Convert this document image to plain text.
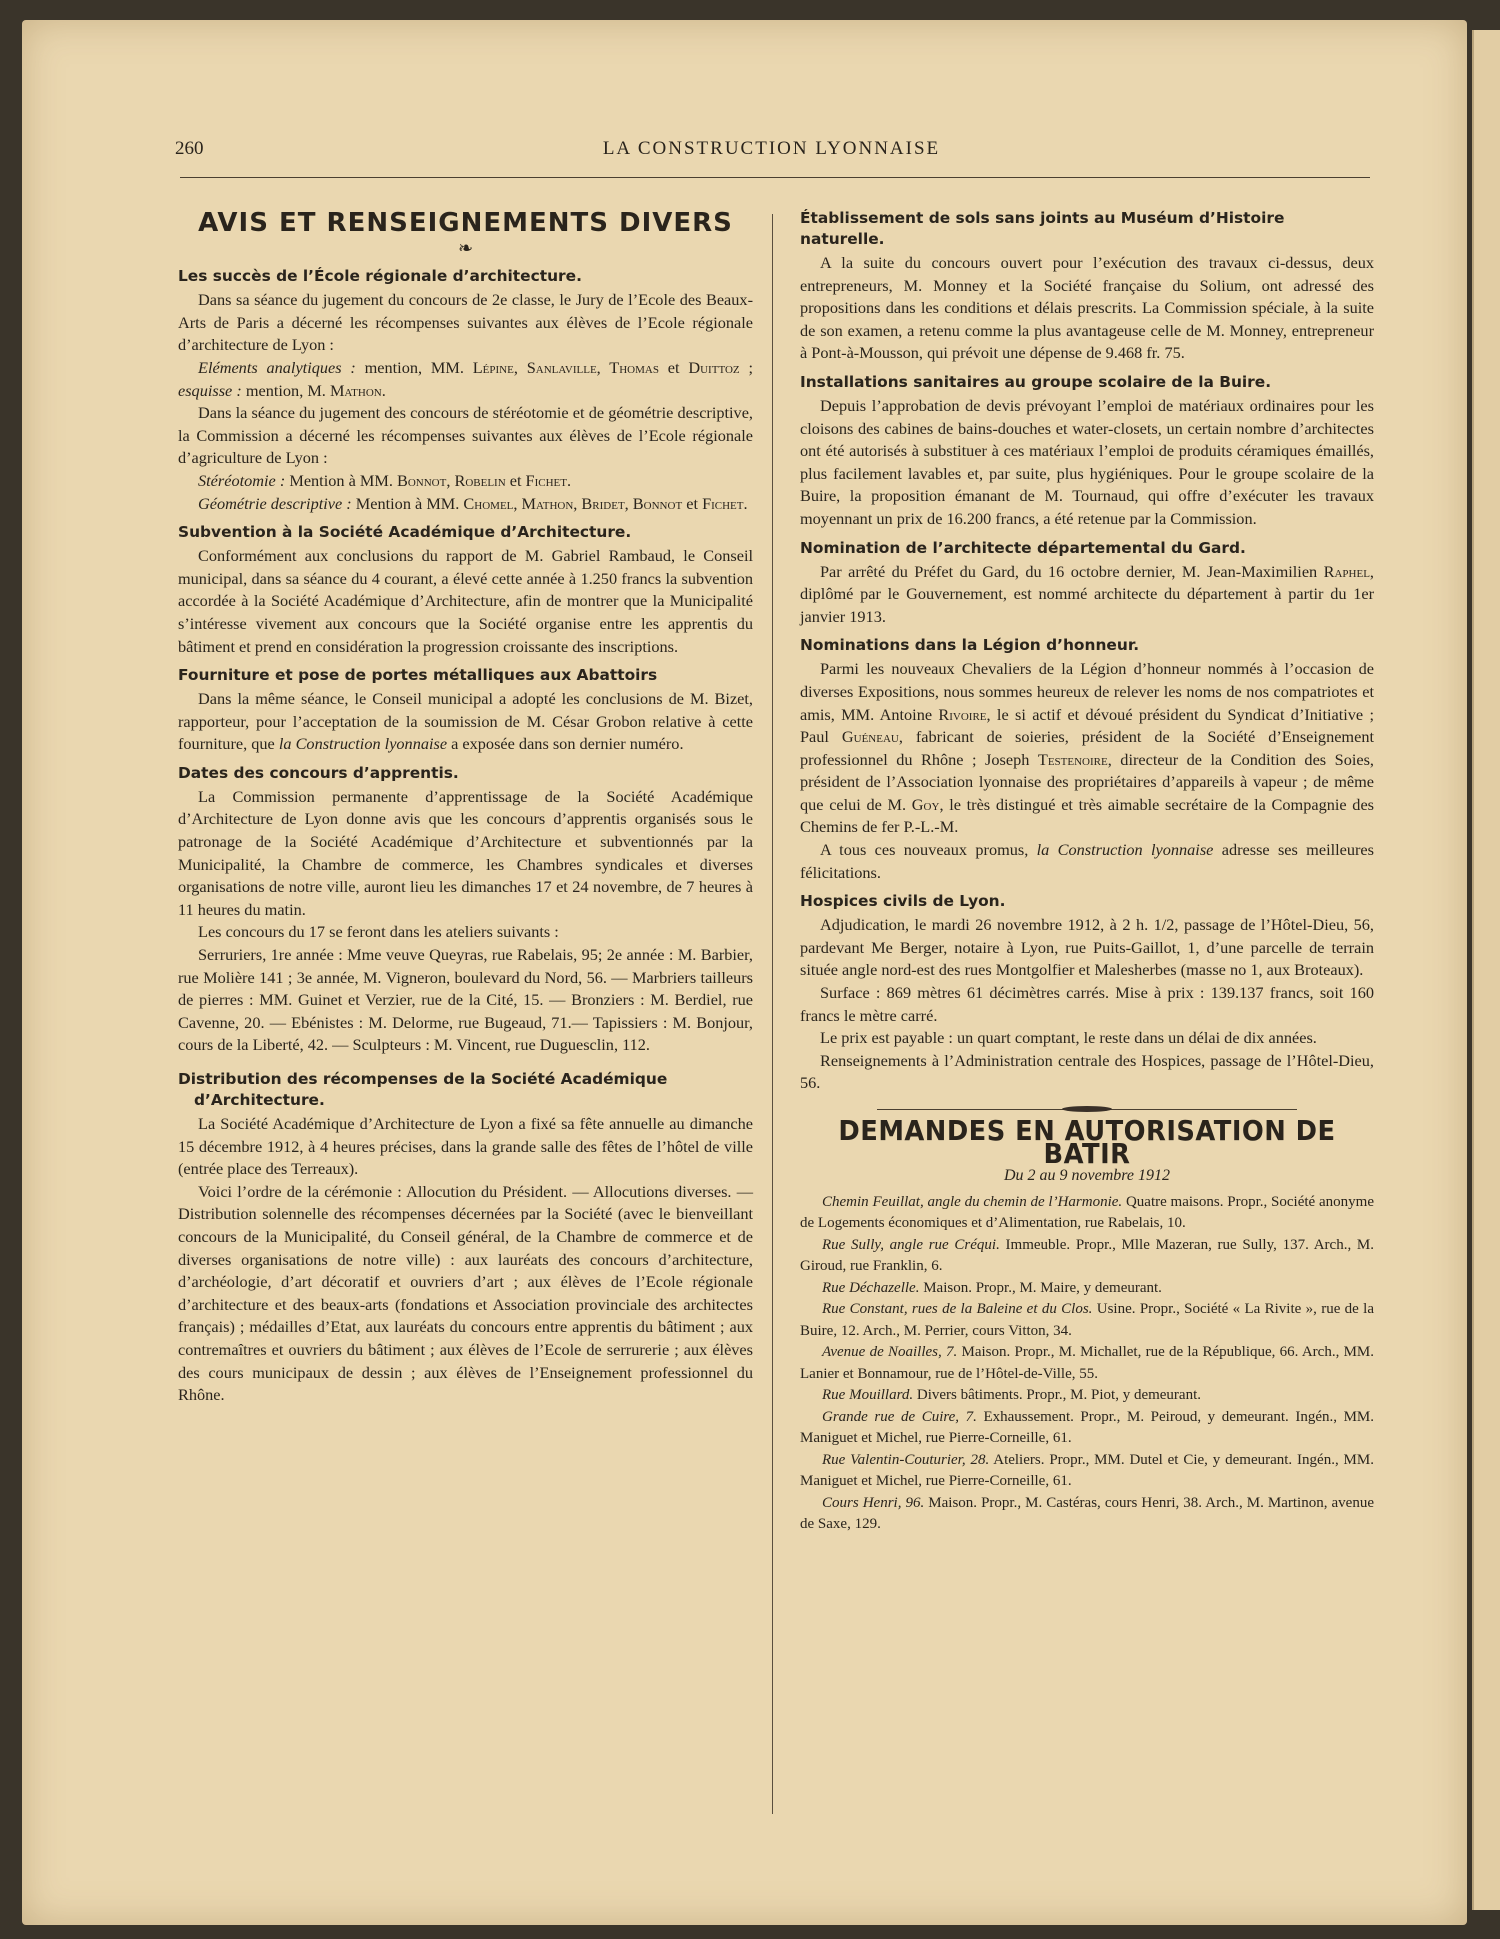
260	LA CONSTRUCTION LYONNAISE
AVIS ET RENSEIGNEMENTS DIVERS
❧
Les succès de l’École régionale d’architecture.

Dans sa séance du jugement du concours de 2e classe, le Jury de l’Ecole des Beaux-Arts de Paris a décerné les récompenses suivantes aux élèves de l’Ecole régionale d’architecture de Lyon :

Eléments analytiques : mention, MM. Lépine, Sanlaville, Thomas et Duittoz ; esquisse : mention, M. Mathon.

Dans la séance du jugement des concours de stéréotomie et de géométrie descriptive, la Commission a décerné les récompenses suivantes aux élèves de l’Ecole régionale d’agriculture de Lyon :

Stéréotomie : Mention à MM. Bonnot, Robelin et Fichet.

Géométrie descriptive : Mention à MM. Chomel, Mathon, Bridet, Bonnot et Fichet.

Subvention à la Société Académique d’Architecture.

Conformément aux conclusions du rapport de M. Gabriel Rambaud, le Conseil municipal, dans sa séance du 4 courant, a élevé cette année à 1.250 francs la subvention accordée à la Société Académique d’Architecture, afin de montrer que la Municipalité s’intéresse vivement aux concours que la Société organise entre les apprentis du bâtiment et prend en considération la progression croissante des inscriptions.

Fourniture et pose de portes métalliques aux Abattoirs

Dans la même séance, le Conseil municipal a adopté les conclusions de M. Bizet, rapporteur, pour l’acceptation de la soumission de M. César Grobon relative à cette fourniture, que la Construction lyonnaise a exposée dans son dernier numéro.

Dates des concours d’apprentis.

La Commission permanente d’apprentissage de la Société Académique d’Architecture de Lyon donne avis que les concours d’apprentis organisés sous le patronage de la Société Académique d’Architecture et subventionnés par la Municipalité, la Chambre de commerce, les Chambres syndicales et diverses organisations de notre ville, auront lieu les dimanches 17 et 24 novembre, de 7 heures à 11 heures du matin.

Les concours du 17 se feront dans les ateliers suivants :

Serruriers, 1re année : Mme veuve Queyras, rue Rabelais, 95; 2e année : M. Barbier, rue Molière 141 ; 3e année, M. Vigneron, boulevard du Nord, 56. — Marbriers tailleurs de pierres : MM. Guinet et Verzier, rue de la Cité, 15. — Bronziers : M. Berdiel, rue Cavenne, 20. — Ebénistes : M. Delorme, rue Bugeaud, 71.— Tapissiers : M. Bonjour, cours de la Liberté, 42. — Sculpteurs : M. Vincent, rue Duguesclin, 112.

Distribution des récompenses de la Société Académique d’Architecture.

La Société Académique d’Architecture de Lyon a fixé sa fête annuelle au dimanche 15 décembre 1912, à 4 heures précises, dans la grande salle des fêtes de l’hôtel de ville (entrée place des Terreaux).

Voici l’ordre de la cérémonie : Allocution du Président. — Allocutions diverses. — Distribution solennelle des récompenses décernées par la Société (avec le bienveillant concours de la Municipalité, du Conseil général, de la Chambre de commerce et de diverses organisations de notre ville) : aux lauréats des concours d’architecture, d’archéologie, d’art décoratif et ouvriers d’art ; aux élèves de l’Ecole régionale d’architecture et des beaux-arts (fondations et Association provinciale des architectes français) ; médailles d’Etat, aux lauréats du concours entre apprentis du bâtiment ; aux contremaîtres et ouvriers du bâtiment ; aux élèves de l’Ecole de serrurerie ; aux élèves des cours municipaux de dessin ; aux élèves de l’Enseignement professionnel du Rhône.

Établissement de sols sans joints au Muséum d’Histoire naturelle.

A la suite du concours ouvert pour l’exécution des travaux ci-dessus, deux entrepreneurs, M. Monney et la Société française du Solium, ont adressé des propositions dans les conditions et délais prescrits. La Commission spéciale, à la suite de son examen, a retenu comme la plus avantageuse celle de M. Monney, entrepreneur à Pont-à-Mousson, qui prévoit une dépense de 9.468 fr. 75.

Installations sanitaires au groupe scolaire de la Buire.

Depuis l’approbation de devis prévoyant l’emploi de matériaux ordinaires pour les cloisons des cabines de bains-douches et water-closets, un certain nombre d’architectes ont été autorisés à substituer à ces matériaux l’emploi de produits céramiques émaillés, plus facilement lavables et, par suite, plus hygiéniques. Pour le groupe scolaire de la Buire, la proposition émanant de M. Tournaud, qui offre d’exécuter les travaux moyennant un prix de 16.200 francs, a été retenue par la Commission.

Nomination de l’architecte départemental du Gard.

Par arrêté du Préfet du Gard, du 16 octobre dernier, M. Jean-Maximilien Raphel, diplômé par le Gouvernement, est nommé architecte du département à partir du 1er janvier 1913.

Nominations dans la Légion d’honneur.

Parmi les nouveaux Chevaliers de la Légion d’honneur nommés à l’occasion de diverses Expositions, nous sommes heureux de relever les noms de nos compatriotes et amis, MM. Antoine Rivoire, le si actif et dévoué président du Syndicat d’Initiative ; Paul Guéneau, fabricant de soieries, président de la Société d’Enseignement professionnel du Rhône ; Joseph Testenoire, directeur de la Condition des Soies, président de l’Association lyonnaise des propriétaires d’appareils à vapeur ; de même que celui de M. Goy, le très distingué et très aimable secrétaire de la Compagnie des Chemins de fer P.-L.-M.

A tous ces nouveaux promus, la Construction lyonnaise adresse ses meilleures félicitations.

Hospices civils de Lyon.

Adjudication, le mardi 26 novembre 1912, à 2 h. 1/2, passage de l’Hôtel-Dieu, 56, pardevant Me Berger, notaire à Lyon, rue Puits-Gaillot, 1, d’une parcelle de terrain située angle nord-est des rues Montgolfier et Malesherbes (masse no 1, aux Broteaux).

Surface : 869 mètres 61 décimètres carrés. Mise à prix : 139.137 francs, soit 160 francs le mètre carré.

Le prix est payable : un quart comptant, le reste dans un délai de dix années.

Renseignements à l’Administration centrale des Hospices, passage de l’Hôtel-Dieu, 56.

DEMANDES EN AUTORISATION DE BATIR
Du 2 au 9 novembre 1912

Chemin Feuillat, angle du chemin de l’Harmonie. Quatre maisons. Propr., Société anonyme de Logements économiques et d’Alimentation, rue Rabelais, 10.

Rue Sully, angle rue Créqui. Immeuble. Propr., Mlle Mazeran, rue Sully, 137. Arch., M. Giroud, rue Franklin, 6.

Rue Déchazelle. Maison. Propr., M. Maire, y demeurant.

Rue Constant, rues de la Baleine et du Clos. Usine. Propr., Société « La Rivite », rue de la Buire, 12. Arch., M. Perrier, cours Vitton, 34.

Avenue de Noailles, 7. Maison. Propr., M. Michallet, rue de la République, 66. Arch., MM. Lanier et Bonnamour, rue de l’Hôtel-de-Ville, 55.

Rue Mouillard. Divers bâtiments. Propr., M. Piot, y demeurant.

Grande rue de Cuire, 7. Exhaussement. Propr., M. Peiroud, y demeurant. Ingén., MM. Maniguet et Michel, rue Pierre-Corneille, 61.

Rue Valentin-Couturier, 28. Ateliers. Propr., MM. Dutel et Cie, y demeurant. Ingén., MM. Maniguet et Michel, rue Pierre-Corneille, 61.

Cours Henri, 96. Maison. Propr., M. Castéras, cours Henri, 38. Arch., M. Martinon, avenue de Saxe, 129.
